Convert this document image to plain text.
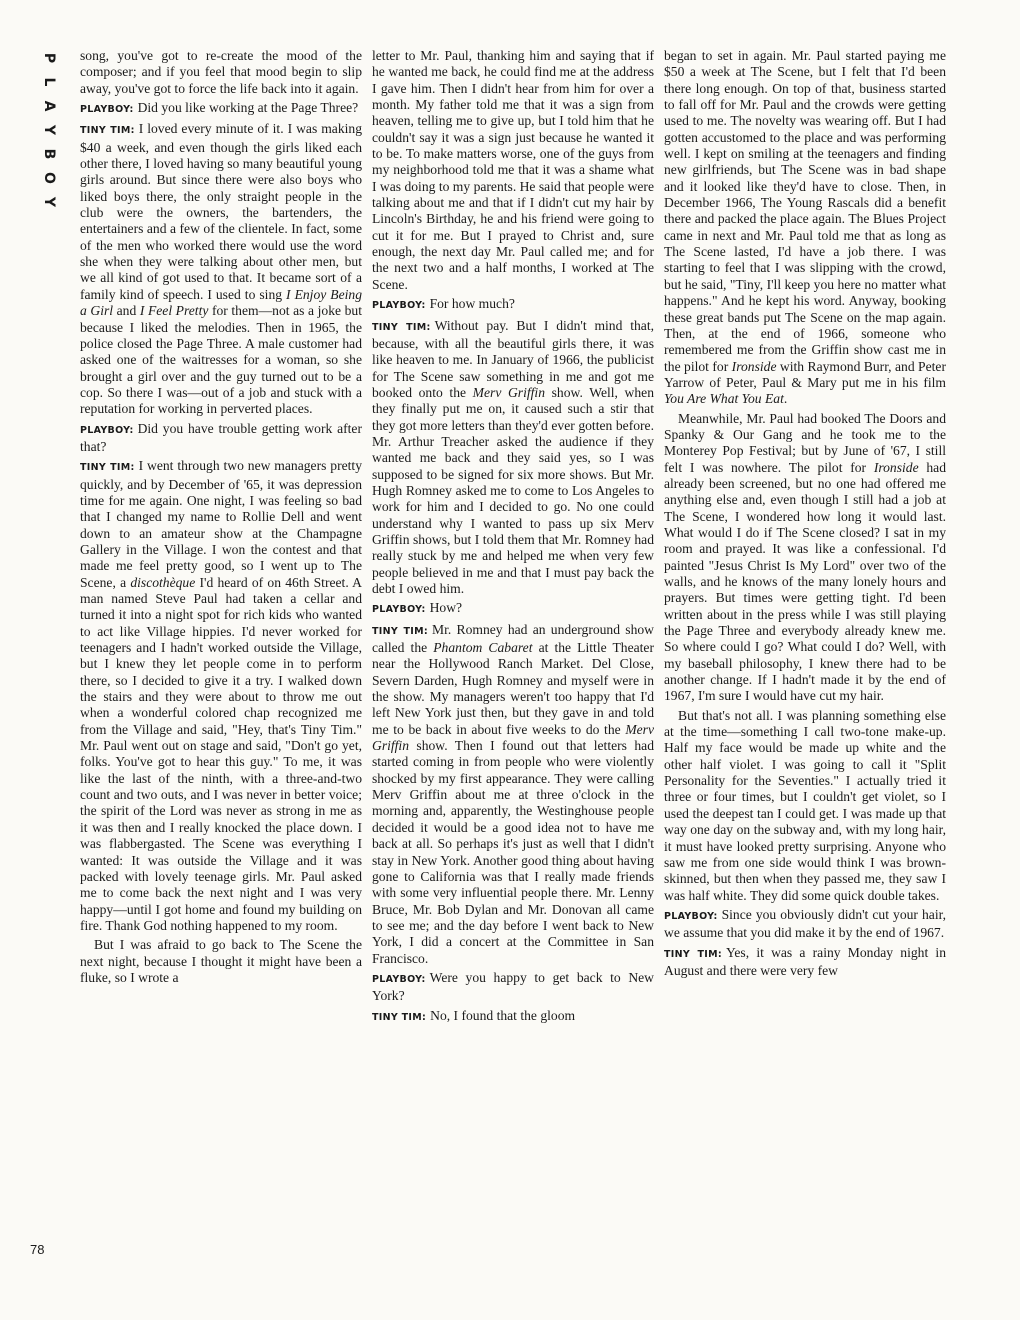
P
L
A
Y
B
O
Y
78

song, you've got to re-create the mood of the composer; and if you feel that mood begin to slip away, you've got to force the life back into it again.

PLAYBOY: Did you like working at the Page Three?

TINY TIM: I loved every minute of it. I was making $40 a week, and even though the girls liked each other there, I loved having so many beautiful young girls around. But since there were also boys who liked boys there, the only straight people in the club were the owners, the bartenders, the entertainers and a few of the clientele. In fact, some of the men who worked there would use the word she when they were talking about other men, but we all kind of got used to that. It became sort of a family kind of speech. I used to sing I Enjoy Being a Girl and I Feel Pretty for them—not as a joke but because I liked the melodies. Then in 1965, the police closed the Page Three. A male customer had asked one of the waitresses for a woman, so she brought a girl over and the guy turned out to be a cop. So there I was—out of a job and stuck with a reputation for working in perverted places.

PLAYBOY: Did you have trouble getting work after that?

TINY TIM: I went through two new managers pretty quickly, and by December of '65, it was depression time for me again. One night, I was feeling so bad that I changed my name to Rollie Dell and went down to an amateur show at the Champagne Gallery in the Village. I won the contest and that made me feel pretty good, so I went up to The Scene, a discothèque I'd heard of on 46th Street. A man named Steve Paul had taken a cellar and turned it into a night spot for rich kids who wanted to act like Village hippies. I'd never worked for teenagers and I hadn't worked outside the Village, but I knew they let people come in to perform there, so I decided to give it a try. I walked down the stairs and they were about to throw me out when a wonderful colored chap recognized me from the Village and said, "Hey, that's Tiny Tim." Mr. Paul went out on stage and said, "Don't go yet, folks. You've got to hear this guy." To me, it was like the last of the ninth, with a three-and-two count and two outs, and I was never in better voice; the spirit of the Lord was never as strong in me as it was then and I really knocked the place down. I was flabbergasted. The Scene was everything I wanted: It was outside the Village and it was packed with lovely teenage girls. Mr. Paul asked me to come back the next night and I was very happy—until I got home and found my building on fire. Thank God nothing happened to my room.

But I was afraid to go back to The Scene the next night, because I thought it might have been a fluke, so I wrote a

letter to Mr. Paul, thanking him and saying that if he wanted me back, he could find me at the address I gave him. Then I didn't hear from him for over a month. My father told me that it was a sign from heaven, telling me to give up, but I told him that he couldn't say it was a sign just because he wanted it to be. To make matters worse, one of the guys from my neighborhood told me that it was a shame what I was doing to my parents. He said that people were talking about me and that if I didn't cut my hair by Lincoln's Birthday, he and his friend were going to cut it for me. But I prayed to Christ and, sure enough, the next day Mr. Paul called me; and for the next two and a half months, I worked at The Scene.

PLAYBOY: For how much?

TINY TIM: Without pay. But I didn't mind that, because, with all the beautiful girls there, it was like heaven to me. In January of 1966, the publicist for The Scene saw something in me and got me booked onto the Merv Griffin show. Well, when they finally put me on, it caused such a stir that they got more letters than they'd ever gotten before. Mr. Arthur Treacher asked the audience if they wanted me back and they said yes, so I was supposed to be signed for six more shows. But Mr. Hugh Romney asked me to come to Los Angeles to work for him and I decided to go. No one could understand why I wanted to pass up six Merv Griffin shows, but I told them that Mr. Romney had really stuck by me and helped me when very few people believed in me and that I must pay back the debt I owed him.

PLAYBOY: How?

TINY TIM: Mr. Romney had an underground show called the Phantom Cabaret at the Little Theater near the Hollywood Ranch Market. Del Close, Severn Darden, Hugh Romney and myself were in the show. My managers weren't too happy that I'd left New York just then, but they gave in and told me to be back in about five weeks to do the Merv Griffin show. Then I found out that letters had started coming in from people who were violently shocked by my first appearance. They were calling Merv Griffin about me at three o'clock in the morning and, apparently, the Westinghouse people decided it would be a good idea not to have me back at all. So perhaps it's just as well that I didn't stay in New York. Another good thing about having gone to California was that I really made friends with some very influential people there. Mr. Lenny Bruce, Mr. Bob Dylan and Mr. Donovan all came to see me; and the day before I went back to New York, I did a concert at the Committee in San Francisco.

PLAYBOY: Were you happy to get back to New York?

TINY TIM: No, I found that the gloom

began to set in again. Mr. Paul started paying me $50 a week at The Scene, but I felt that I'd been there long enough. On top of that, business started to fall off for Mr. Paul and the crowds were getting used to me. The novelty was wearing off. But I had gotten accustomed to the place and was performing well. I kept on smiling at the teenagers and finding new girlfriends, but The Scene was in bad shape and it looked like they'd have to close. Then, in December 1966, The Young Rascals did a benefit there and packed the place again. The Blues Project came in next and Mr. Paul told me that as long as The Scene lasted, I'd have a job there. I was starting to feel that I was slipping with the crowd, but he said, "Tiny, I'll keep you here no matter what happens." And he kept his word. Anyway, booking these great bands put The Scene on the map again. Then, at the end of 1966, someone who remembered me from the Griffin show cast me in the pilot for Ironside with Raymond Burr, and Peter Yarrow of Peter, Paul & Mary put me in his film You Are What You Eat.

Meanwhile, Mr. Paul had booked The Doors and Spanky & Our Gang and he took me to the Monterey Pop Festival; but by June of '67, I still felt I was nowhere. The pilot for Ironside had already been screened, but no one had offered me anything else and, even though I still had a job at The Scene, I wondered how long it would last. What would I do if The Scene closed? I sat in my room and prayed. It was like a confessional. I'd painted "Jesus Christ Is My Lord" over two of the walls, and he knows of the many lonely hours and prayers. But times were getting tight. I'd been written about in the press while I was still playing the Page Three and everybody already knew me. So where could I go? What could I do? Well, with my baseball philosophy, I knew there had to be another change. If I hadn't made it by the end of 1967, I'm sure I would have cut my hair.

But that's not all. I was planning something else at the time—something I call two-tone make-up. Half my face would be made up white and the other half violet. I was going to call it "Split Personality for the Seventies." I actually tried it three or four times, but I couldn't get violet, so I used the deepest tan I could get. I was made up that way one day on the subway and, with my long hair, it must have looked pretty surprising. Anyone who saw me from one side would think I was brown-skinned, but then when they passed me, they saw I was half white. They did some quick double takes.

PLAYBOY: Since you obviously didn't cut your hair, we assume that you did make it by the end of 1967.

TINY TIM: Yes, it was a rainy Monday night in August and there were very few
